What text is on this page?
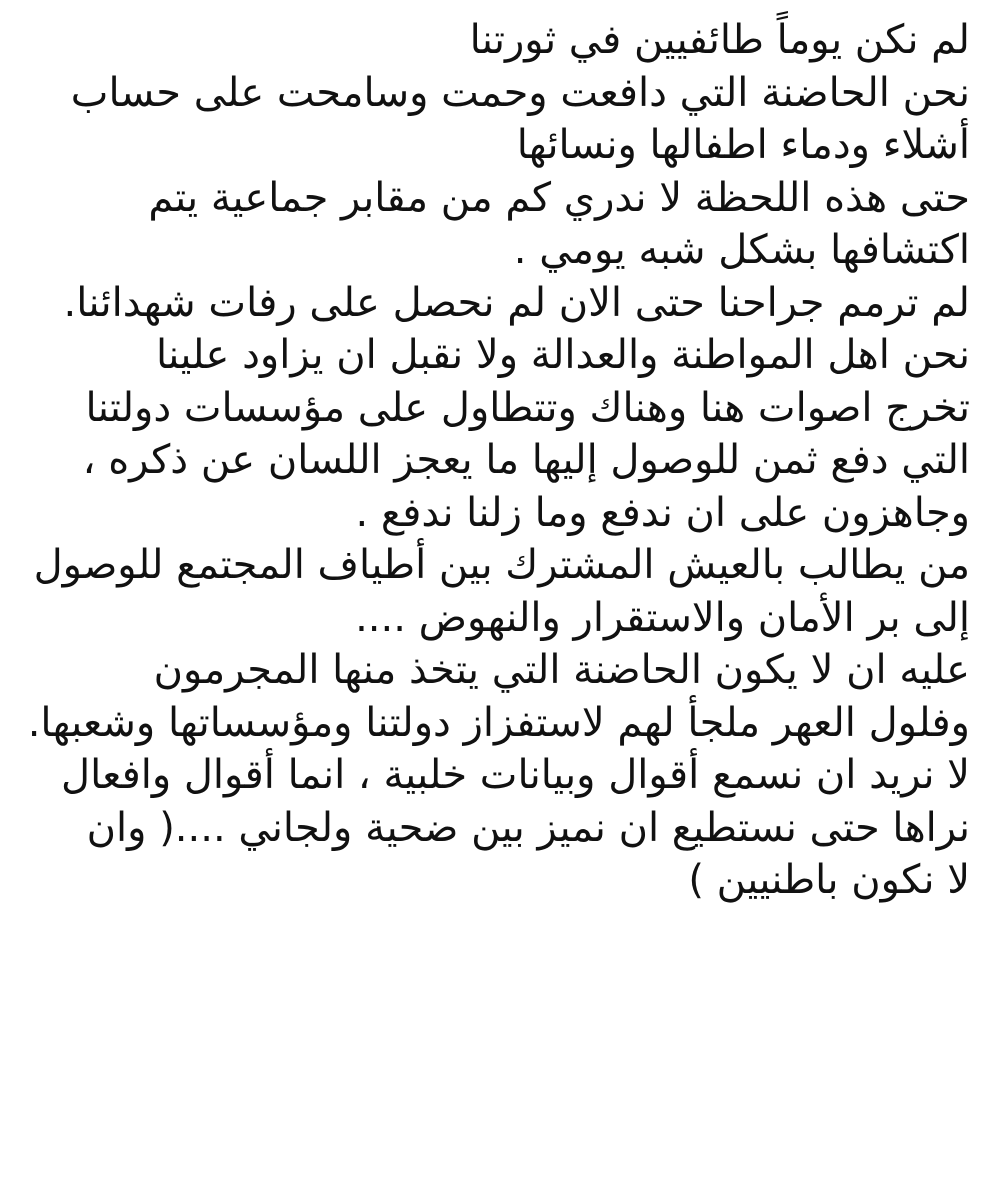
لم نكن يوماً طائفيين في ثورتنا
نحن الحاضنة التي دافعت وحمت وسامحت على حساب
أشلاء ودماء اطفالها ونسائها
حتى هذه اللحظة لا ندري كم من مقابر جماعية يتم
اكتشافها بشكل شبه يومي .
لم ترمم جراحنا حتى الان لم نحصل على رفات شهدائنا.
نحن اهل المواطنة والعدالة ولا نقبل ان يزاود علينا
تخرج اصوات هنا وهناك وتتطاول على مؤسسات دولتنا
التي دفع ثمن للوصول إليها ما يعجز اللسان عن ذكره ،
وجاهزون على ان ندفع وما زلنا ندفع .
من يطالب بالعيش المشترك بين أطياف المجتمع للوصول
إلى بر الأمان والاستقرار والنهوض ....
عليه ان لا يكون الحاضنة التي يتخذ منها المجرمون
وفلول العهر ملجأ لهم لاستفزاز دولتنا ومؤسساتها وشعبها.
لا نريد ان نسمع أقوال وبيانات خلبية ، انما أقوال وافعال
نراها حتى نستطيع ان نميز بين ضحية ولجاني ....( وان
لا نكون باطنيين )
